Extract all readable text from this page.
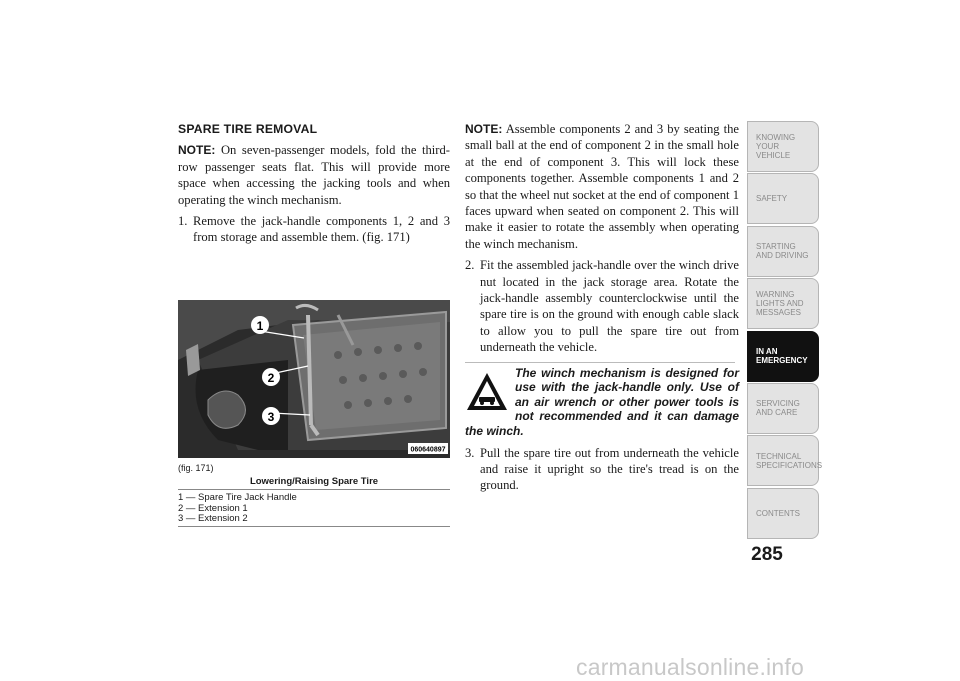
SPARE TIRE REMOVAL

NOTE: On seven-passenger models, fold the third-row passenger seats flat. This will provide more space when accessing the jacking tools and when operating the winch mechanism.

1. Remove the jack-handle components 1, 2 and 3 from storage and assemble them. (fig. 171)
1
2
3
060640897
(fig. 171)
Lowering/Raising Spare Tire
1 — Spare Tire Jack Handle
2 — Extension 1
3 — Extension 2

NOTE: Assemble components 2 and 3 by seating the small ball at the end of component 2 in the small hole at the end of component 3. This will lock these components together. Assemble components 1 and 2 so that the wheel nut socket at the end of component 1 faces upward when seated on component 2. This will make it easier to rotate the assembly when operating the winch mechanism.

2. Fit the assembled jack-handle over the winch drive nut located in the jack storage area. Rotate the jack-handle assembly counterclockwise until the spare tire is on the ground with enough cable slack to allow you to pull the spare tire out from underneath the vehicle.
The winch mechanism is designed for use with the jack-handle only. Use of an air wrench or other power tools is not recommended and it can damage the winch.
3. Pull the spare tire out from underneath the vehicle and raise it upright so the tire's tread is on the ground.
KNOWING YOUR VEHICLE
SAFETY
STARTING AND DRIVING
WARNING LIGHTS AND MESSAGES
IN AN EMERGENCY
SERVICING AND CARE
TECHNICAL SPECIFICATIONS
CONTENTS
285
carmanualsonline.info
